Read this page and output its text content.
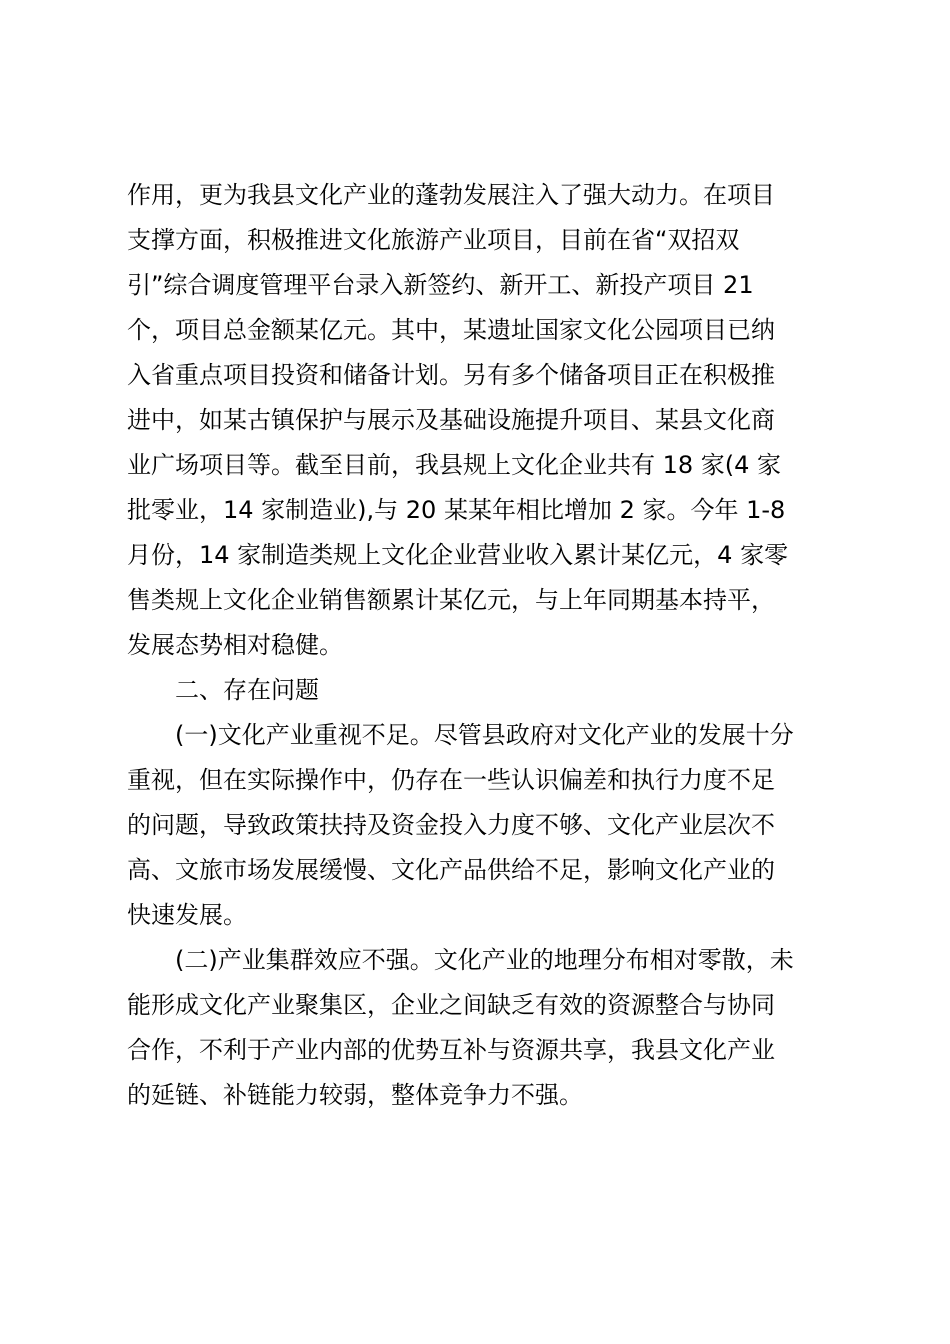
作用，更为我县文化产业的蓬勃发展注入了强大动力。在项目
支撑方面，积极推进文化旅游产业项目，目前在省“双招双
引”综合调度管理平台录入新签约、新开工、新投产项目 21
个，项目总金额某亿元。其中，某遗址国家文化公园项目已纳
入省重点项目投资和储备计划。另有多个储备项目正在积极推
进中，如某古镇保护与展示及基础设施提升项目、某县文化商
业广场项目等。截至目前，我县规上文化企业共有 18 家(4 家
批零业，14 家制造业),与 20 某某年相比增加 2 家。今年 1-8
月份，14 家制造类规上文化企业营业收入累计某亿元，4 家零
售类规上文化企业销售额累计某亿元，与上年同期基本持平，
发展态势相对稳健。
二、存在问题
(一)文化产业重视不足。尽管县政府对文化产业的发展十分
重视，但在实际操作中，仍存在一些认识偏差和执行力度不足
的问题，导致政策扶持及资金投入力度不够、文化产业层次不
高、文旅市场发展缓慢、文化产品供给不足，影响文化产业的
快速发展。
(二)产业集群效应不强。文化产业的地理分布相对零散，未
能形成文化产业聚集区，企业之间缺乏有效的资源整合与协同
合作，不利于产业内部的优势互补与资源共享，我县文化产业
的延链、补链能力较弱，整体竞争力不强。
